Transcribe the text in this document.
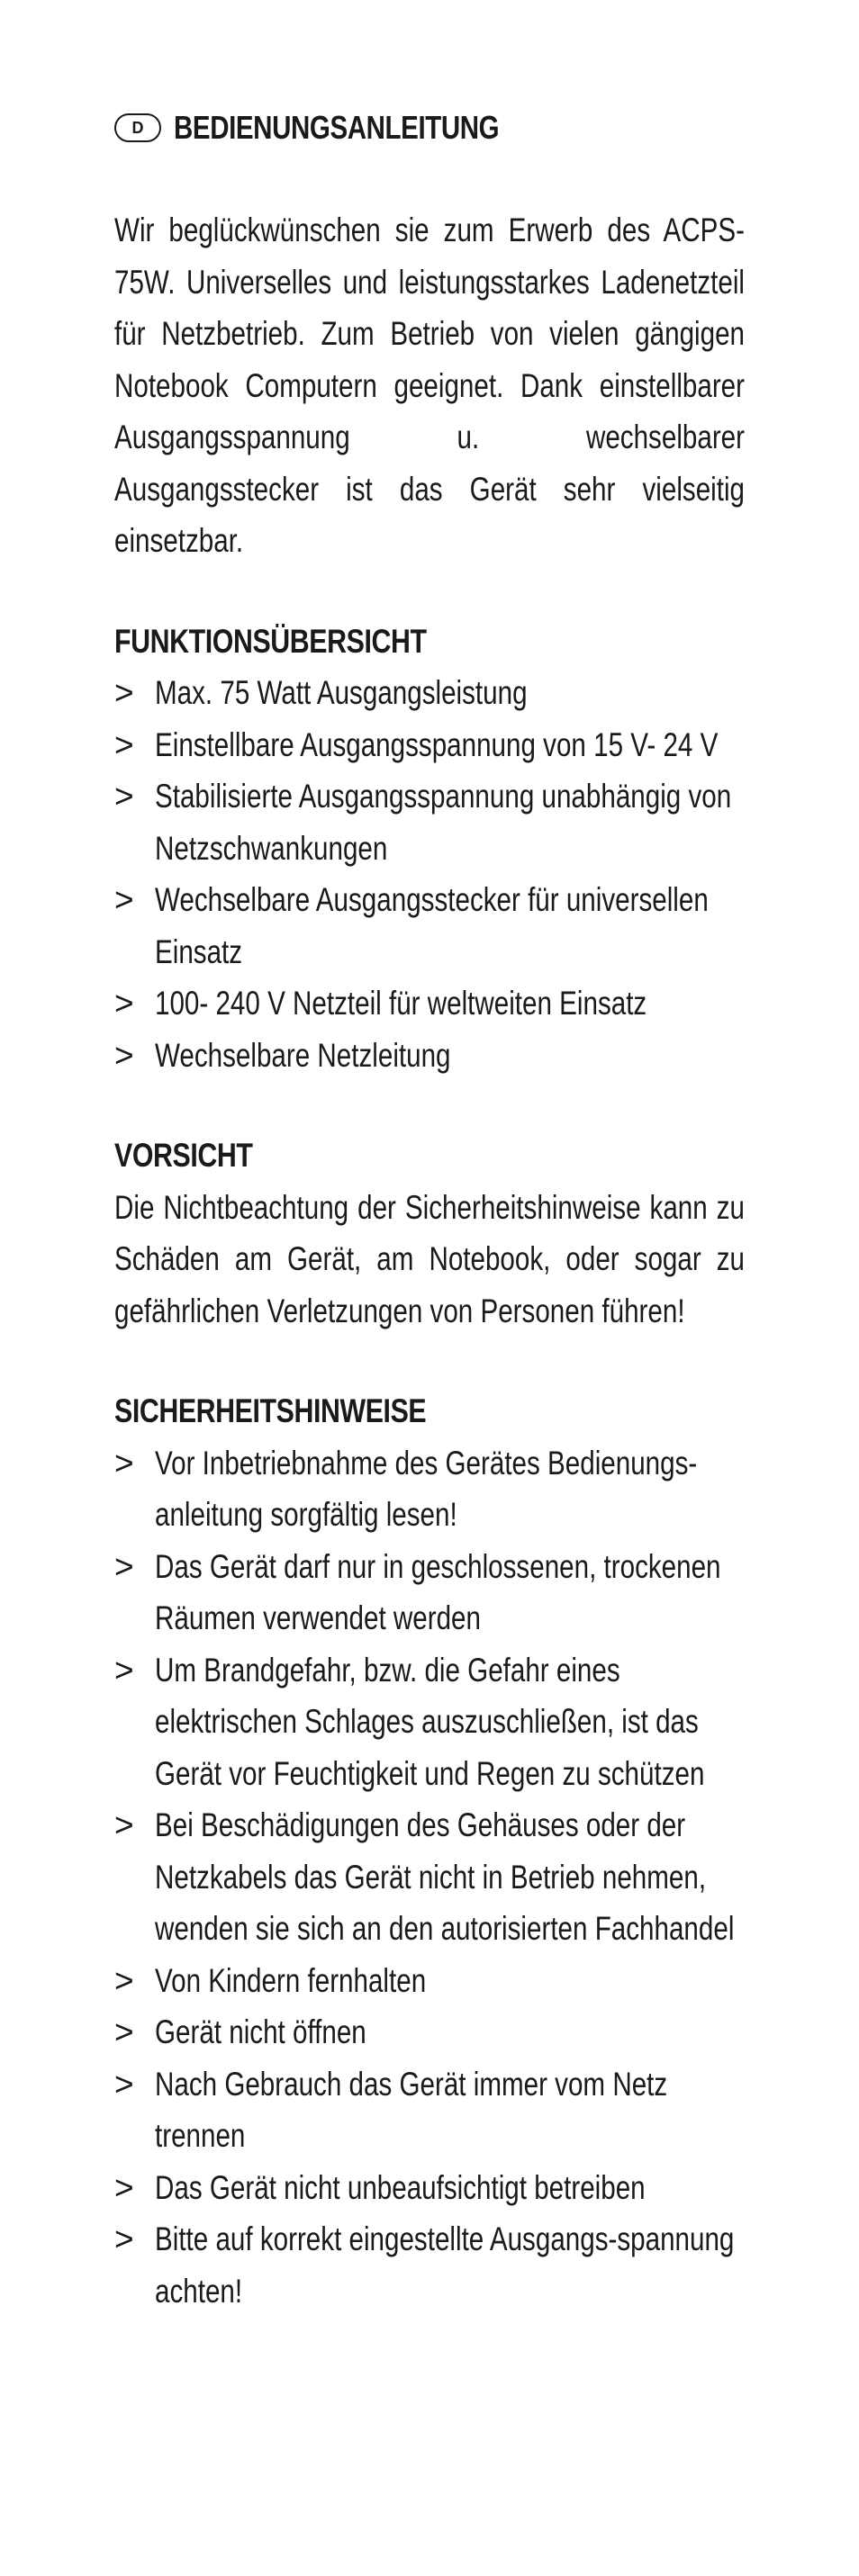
D BEDIENUNGSANLEITUNG
Wir beglückwünschen sie zum Erwerb des ACPS-75W. Universelles und leistungsstarkes Ladenetzteil für Netzbetrieb. Zum Betrieb von vielen gängigen Notebook Computern geeignet. Dank einstellbarer Ausgangsspannung u. wechselbarer Ausgangsstecker ist das Gerät sehr vielseitig einsetzbar.
FUNKTIONSÜBERSICHT
> Max. 75 Watt Ausgangsleistung
> Einstellbare Ausgangsspannung von 15 V- 24 V
> Stabilisierte Ausgangsspannung unabhängig von Netzschwankungen
> Wechselbare Ausgangsstecker für universellen Einsatz
> 100- 240 V Netzteil für weltweiten Einsatz
> Wechselbare Netzleitung
VORSICHT
Die Nichtbeachtung der Sicherheitshinweise kann zu Schäden am Gerät, am Notebook, oder sogar zu gefährlichen Verletzungen von Personen führen!
SICHERHEITSHINWEISE
> Vor Inbetriebnahme des Gerätes Bedienungs-anleitung sorgfältig lesen!
> Das Gerät darf nur in geschlossenen, trockenen Räumen verwendet werden
> Um Brandgefahr, bzw. die Gefahr eines elektrischen Schlages auszuschließen, ist das Gerät vor Feuchtigkeit und Regen zu schützen
> Bei Beschädigungen des Gehäuses oder der Netzkabels das Gerät nicht in Betrieb nehmen, wenden sie sich an den autorisierten Fachhandel
> Von Kindern fernhalten
> Gerät nicht öffnen
> Nach Gebrauch das Gerät immer vom Netz trennen
> Das Gerät nicht unbeaufsichtigt betreiben
> Bitte auf korrekt eingestellte Ausgangs-spannung achten!
